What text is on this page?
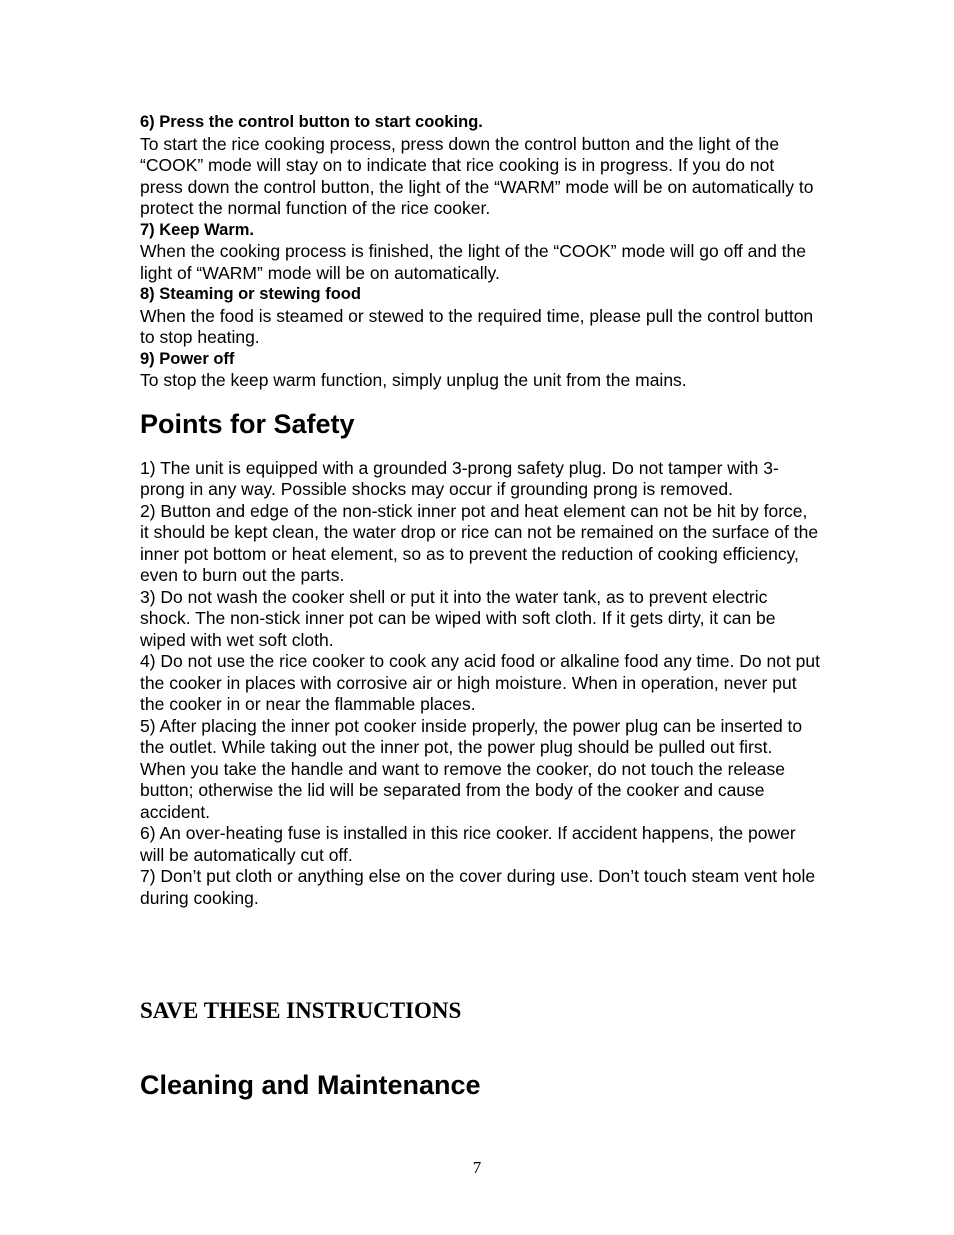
6) Press the control button to start cooking.

To start the rice cooking process, press down the control button and the light of the “COOK” mode will stay on to indicate that rice cooking is in progress. If you do not press down the control button, the light of the “WARM” mode will be on automatically to protect the normal function of the rice cooker.

7) Keep Warm.

When the cooking process is finished, the light of the “COOK” mode will go off and the light of “WARM” mode will be on automatically.

8) Steaming or stewing food

When the food is steamed or stewed to the required time, please pull the control button to stop heating.

9) Power off

To stop the keep warm function, simply unplug the unit from the mains.

Points for Safety

1) The unit is equipped with a grounded 3-prong safety plug. Do not tamper with 3-prong in any way. Possible shocks may occur if grounding prong is removed.

2) Button and edge of the non-stick inner pot and heat element can not be hit by force, it should be kept clean, the water drop or rice can not be remained on the surface of the inner pot bottom or heat element, so as to prevent the reduction of cooking efficiency, even to burn out the parts.

3) Do not wash the cooker shell or put it into the water tank, as to prevent electric shock. The non-stick inner pot can be wiped with soft cloth. If it gets dirty, it can be wiped with wet soft cloth.

4) Do not use the rice cooker to cook any acid food or alkaline food any time. Do not put the cooker in places with corrosive air or high moisture. When in operation, never put the cooker in or near the flammable places.

5) After placing the inner pot cooker inside properly, the power plug can be inserted to the outlet. While taking out the inner pot, the power plug should be pulled out first. When you take the handle and want to remove the cooker, do not touch the release button; otherwise the lid will be separated from the body of the cooker and cause accident.

6) An over-heating fuse is installed in this rice cooker. If accident happens, the power will be automatically cut off.

7) Don’t put cloth or anything else on the cover during use. Don’t touch steam vent hole during cooking.

SAVE THESE INSTRUCTIONS
Cleaning and Maintenance
7
